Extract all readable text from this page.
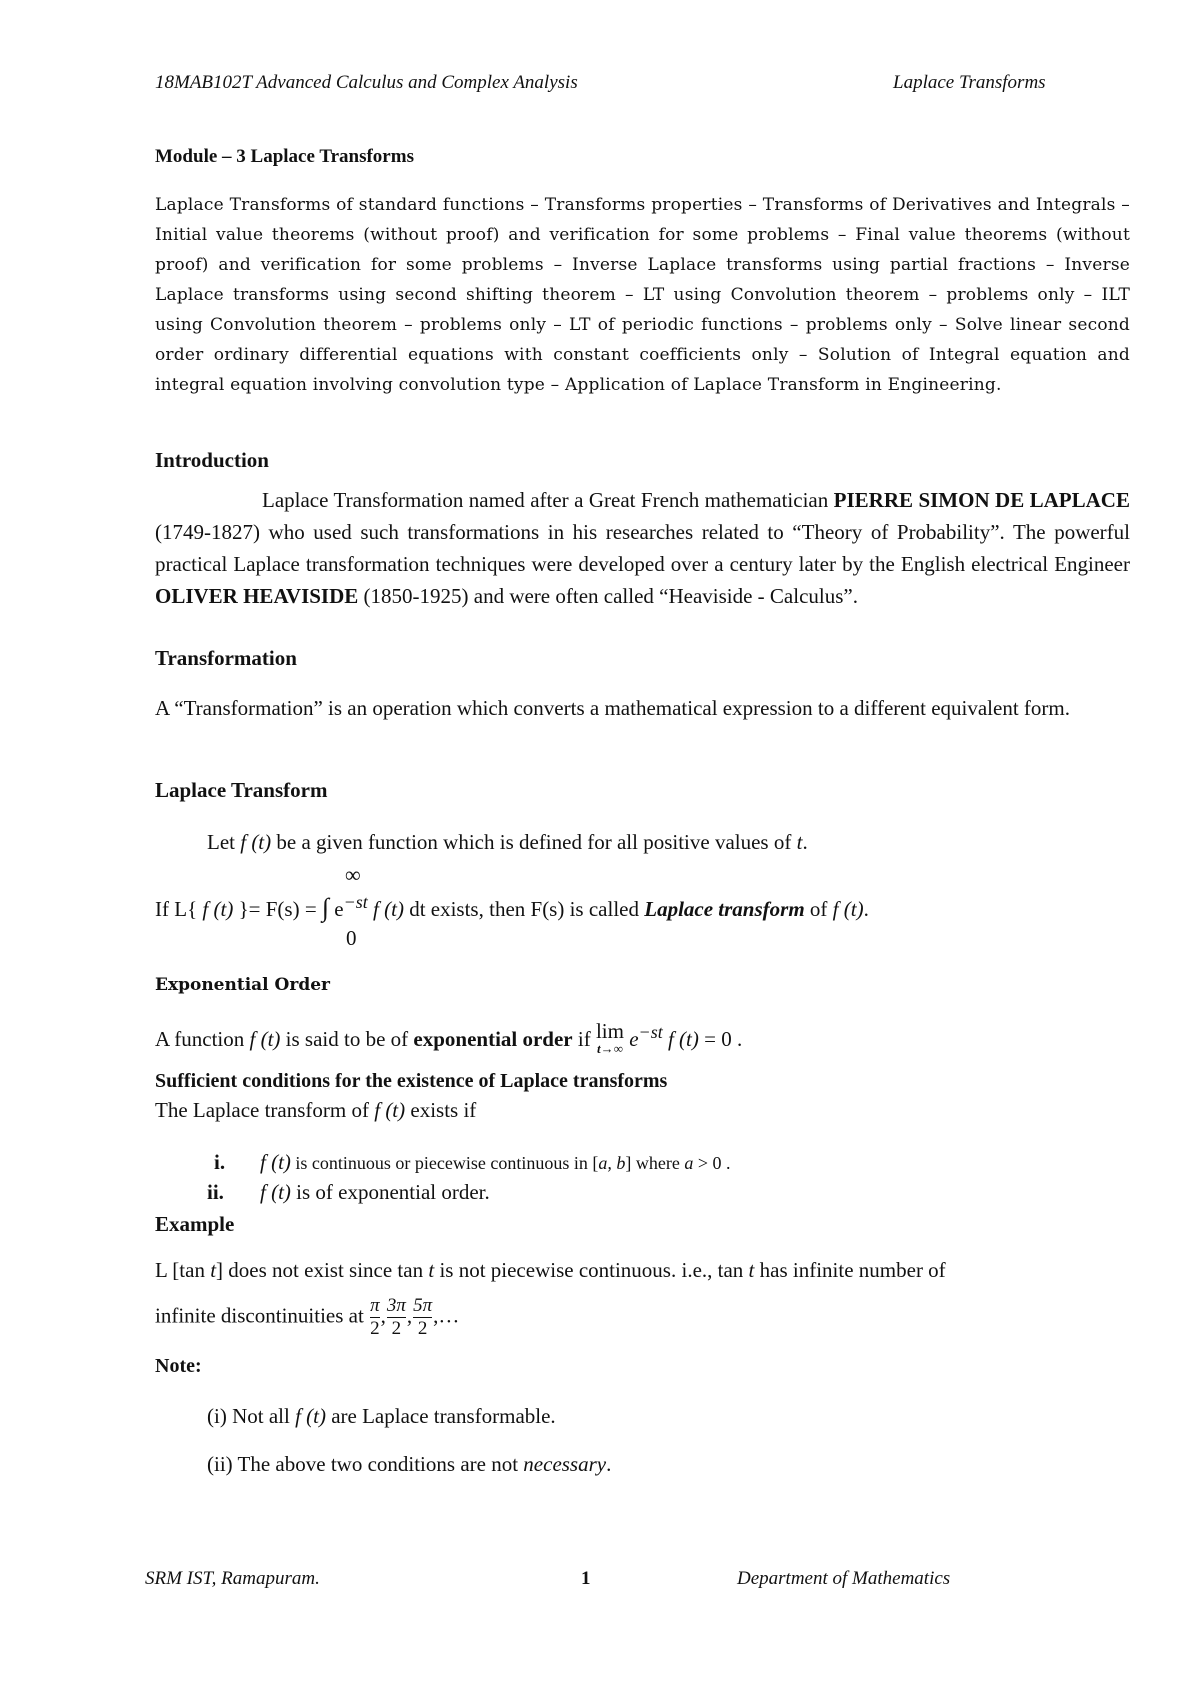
18MAB102T Advanced Calculus and Complex Analysis	Laplace Transforms
Module – 3 Laplace Transforms
Laplace Transforms of standard functions – Transforms properties – Transforms of Derivatives and Integrals – Initial value theorems (without proof) and verification for some problems – Final value theorems (without proof) and verification for some problems – Inverse Laplace transforms using partial fractions – Inverse Laplace transforms using second shifting theorem – LT using Convolution theorem – problems only – ILT using Convolution theorem – problems only – LT of periodic functions – problems only – Solve linear second order ordinary differential equations with constant coefficients only – Solution of Integral equation and integral equation involving convolution type – Application of Laplace Transform in Engineering.
Introduction
Laplace Transformation named after a Great French mathematician PIERRE SIMON DE LAPLACE (1749-1827) who used such transformations in his researches related to “Theory of Probability”. The powerful practical Laplace transformation techniques were developed over a century later by the English electrical Engineer OLIVER HEAVISIDE (1850-1925) and were often called “Heaviside - Calculus”.
Transformation
A “Transformation” is an operation which converts a mathematical expression to a different equivalent form.
Laplace Transform
Let f (t) be a given function which is defined for all positive values of t.
∞
If L{ f (t) }= F(s) = ∫ $e^{-st}$ f (t) dt exists, then F(s) is called Laplace transform of f (t).
0
Exponential Order
A function f (t) is said to be of exponential order if lim
t→∞ $e^{-st}$ f (t) = 0 .
Sufficient conditions for the existence of Laplace transforms
The Laplace transform of f (t) exists if
i. f (t) is continuous or piecewise continuous in [a, b] where a > 0 .
ii. f (t) is of exponential order.
Example
L [tan t] does not exist since tan t is not piecewise continuous. i.e., tan t has infinite number of
infinite discontinuities at $\frac{\pi}{2}$ , $\frac{3\pi}{2}$ , $\frac{5\pi}{2}$ ,…
Note:
(i) Not all f (t) are Laplace transformable.
(ii) The above two conditions are not necessary.
SRM IST, Ramapuram.	1	Department of Mathematics
